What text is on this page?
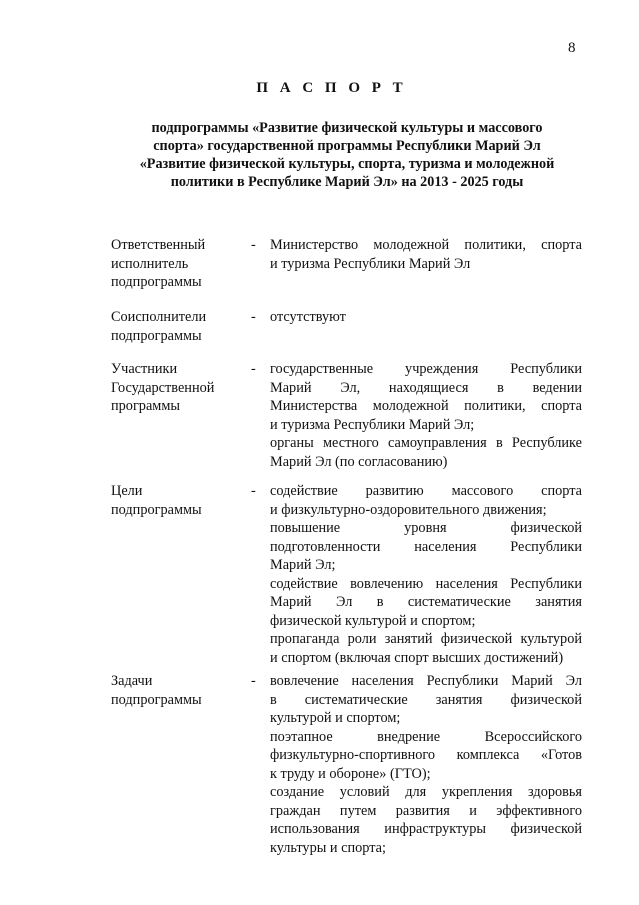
8
П А С П О Р Т
подпрограммы «Развитие физической культуры и массового
спорта» государственной программы Республики Марий Эл
«Развитие физической культуры, спорта, туризма и молодежной
политики в Республике Марий Эл» на 2013 - 2025 годы
Ответственный
исполнитель
подпрограммы
- Министерство молодежной политики, спорта
и туризма Республики Марий Эл
Соисполнители
подпрограммы
- отсутствуют
Участники
Государственной
программы
- государственные учреждения Республики
Марий Эл, находящиеся в ведении
Министерства молодежной политики, спорта
и туризма Республики Марий Эл;
органы местного самоуправления в Республике
Марий Эл (по согласованию)
Цели
подпрограммы
- содействие развитию массового спорта
и физкультурно-оздоровительного движения;
повышение уровня физической
подготовленности населения Республики
Марий Эл;
содействие вовлечению населения Республики
Марий Эл в систематические занятия
физической культурой и спортом;
пропаганда роли занятий физической культурой
и спортом (включая спорт высших достижений)
Задачи
подпрограммы
- вовлечение населения Республики Марий Эл
в систематические занятия физической
культурой и спортом;
поэтапное внедрение Всероссийского
физкультурно-спортивного комплекса «Готов
к труду и обороне» (ГТО);
создание условий для укрепления здоровья
граждан путем развития и эффективного
использования инфраструктуры физической
культуры и спорта;
